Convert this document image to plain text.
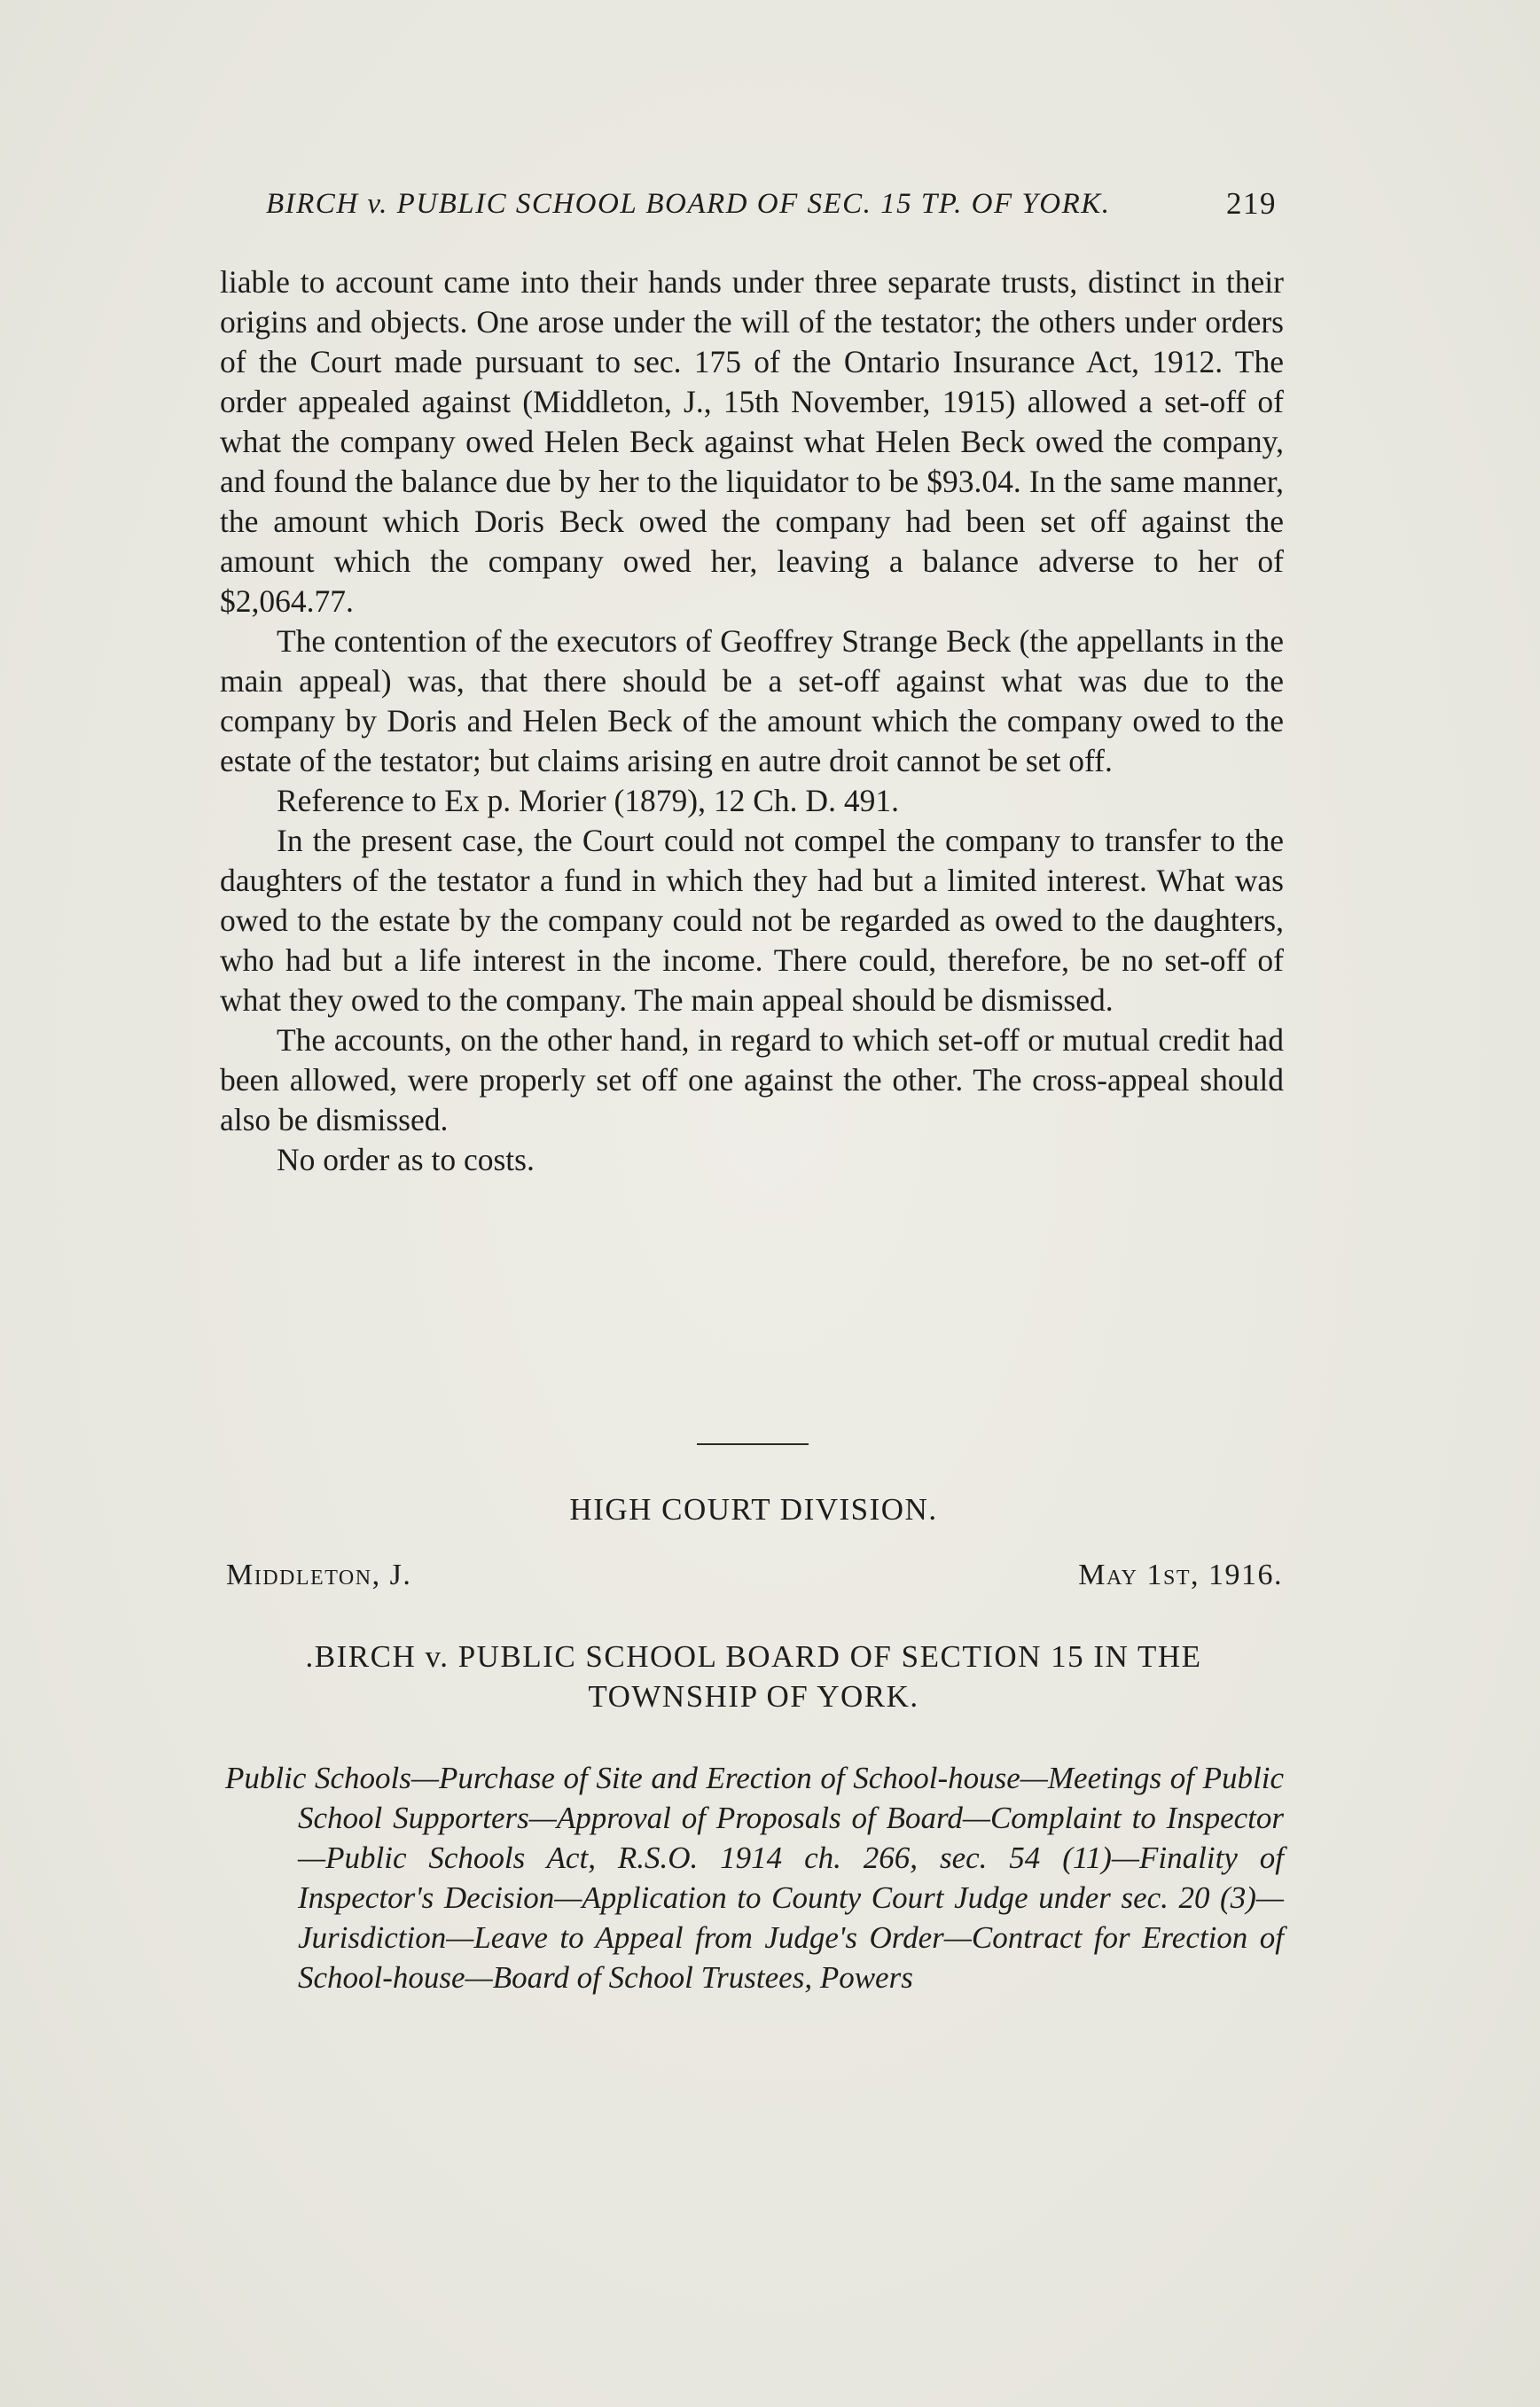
BIRCH v. PUBLIC SCHOOL BOARD OF SEC. 15 TP. OF YORK.	219

liable to account came into their hands under three separate trusts, distinct in their origins and objects. One arose under the will of the testator; the others under orders of the Court made pursuant to sec. 175 of the Ontario Insurance Act, 1912. The order appealed against (Middleton, J., 15th November, 1915) allowed a set-off of what the company owed Helen Beck against what Helen Beck owed the company, and found the balance due by her to the liquidator to be $93.04. In the same manner, the amount which Doris Beck owed the company had been set off against the amount which the company owed her, leaving a balance adverse to her of $2,064.77.

The contention of the executors of Geoffrey Strange Beck (the appellants in the main appeal) was, that there should be a set-off against what was due to the company by Doris and Helen Beck of the amount which the company owed to the estate of the testator; but claims arising en autre droit cannot be set off.

Reference to Ex p. Morier (1879), 12 Ch. D. 491.

In the present case, the Court could not compel the company to transfer to the daughters of the testator a fund in which they had but a limited interest. What was owed to the estate by the company could not be regarded as owed to the daughters, who had but a life interest in the income. There could, therefore, be no set-off of what they owed to the company. The main appeal should be dismissed.

The accounts, on the other hand, in regard to which set-off or mutual credit had been allowed, were properly set off one against the other. The cross-appeal should also be dismissed.

No order as to costs.

HIGH COURT DIVISION.
Middleton, J.	May 1st, 1916.
.BIRCH v. PUBLIC SCHOOL BOARD OF SECTION 15 IN THE TOWNSHIP OF YORK.
Public Schools—Purchase of Site and Erection of School-house—Meetings of Public School Supporters—Approval of Proposals of Board—Complaint to Inspector—Public Schools Act, R.S.O. 1914 ch. 266, sec. 54 (11)—Finality of Inspector's Decision—Application to County Court Judge under sec. 20 (3)—Jurisdiction—Leave to Appeal from Judge's Order—Contract for Erection of School-house—Board of School Trustees, Powers
